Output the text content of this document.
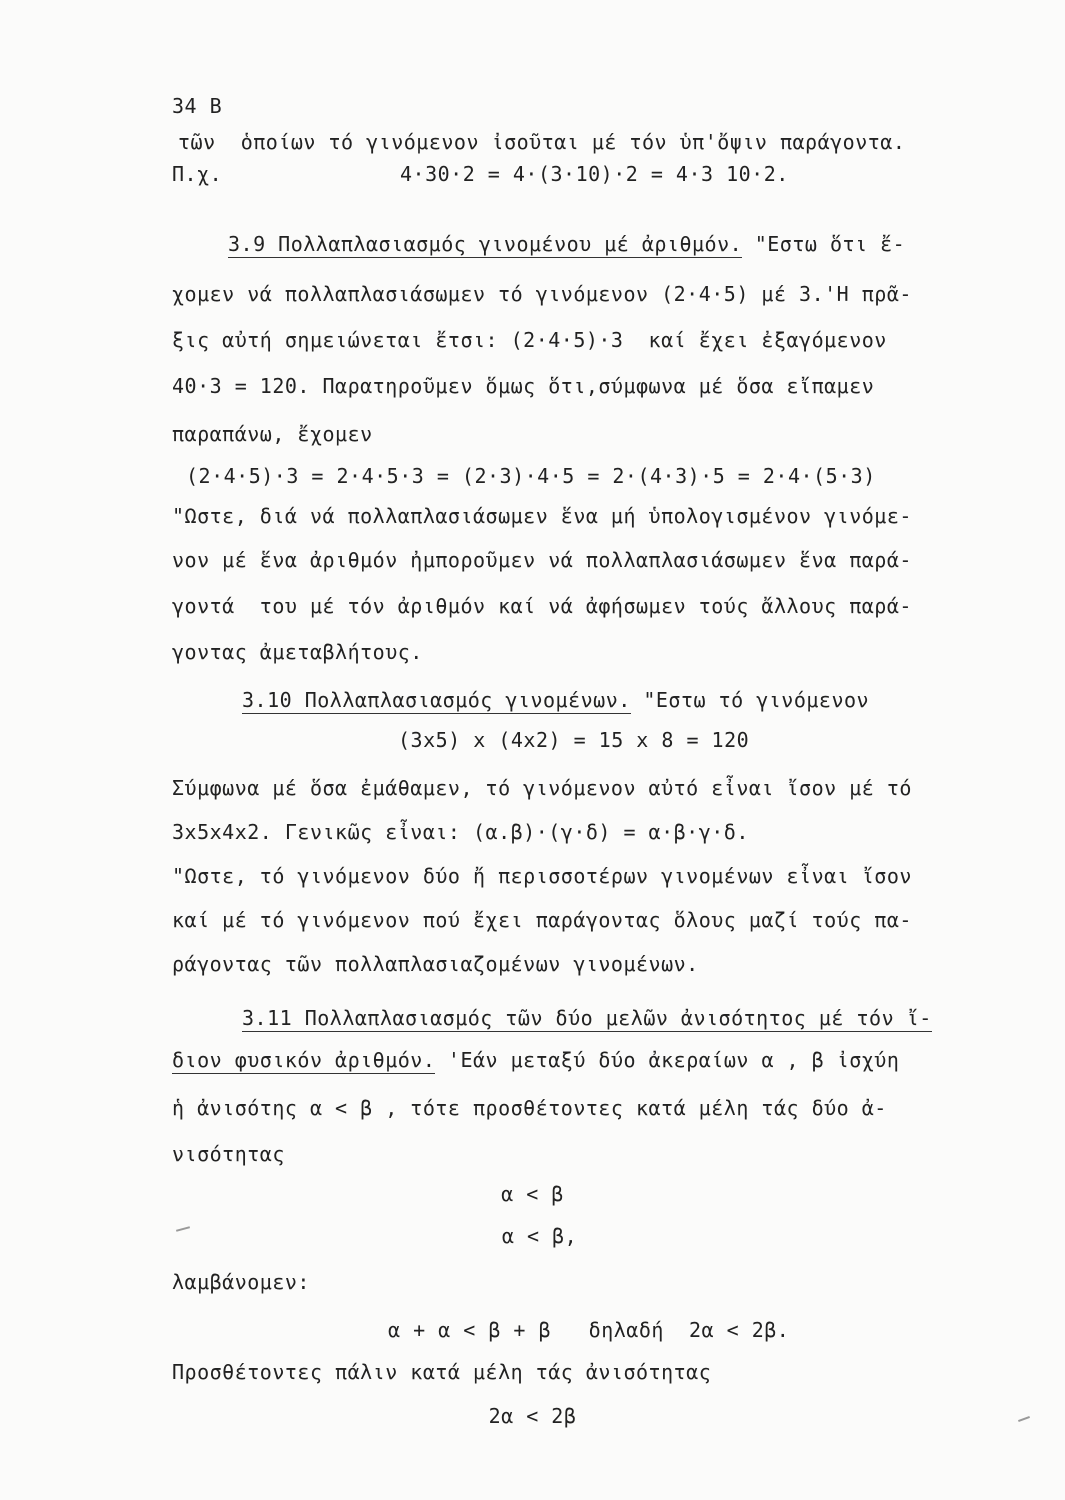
34 B
τῶν  ὁποίων τό γινόμενον ἰσοῦται μέ τόν ὑπ'ὄψιν παράγοντα.
Π.χ.	4·30·2 = 4·(3·10)·2 = 4·3 10·2.
3.9 Πολλαπλασιασμός γινομένου μέ ἀριθμόν. "Εστω ὅτι ἔ-
χομεν νά πολλαπλασιάσωμεν τό γινόμενον (2·4·5) μέ 3.'Η πρᾶ-
ξις αὐτή σημειώνεται ἔτσι: (2·4·5)·3  καί ἔχει ἐξαγόμενον
40·3 = 120. Παρατηροῦμεν ὅμως ὅτι,σύμφωνα μέ ὅσα εἴπαμεν
παραπάνω, ἔχομεν
(2·4·5)·3 = 2·4·5·3 = (2·3)·4·5 = 2·(4·3)·5 = 2·4·(5·3)
"Ωστε, διά νά πολλαπλασιάσωμεν ἕνα μή ὑπολογισμένον γινόμε-
νον μέ ἕνα ἀριθμόν ἠμποροῦμεν νά πολλαπλασιάσωμεν ἕνα παρά-
γοντά  του μέ τόν ἀριθμόν καί νά ἀφήσωμεν τούς ἄλλους παρά-
γοντας ἀμεταβλήτους.
3.10 Πολλαπλασιασμός γινομένων. "Εστω τό γινόμενον
(3x5) x (4x2) = 15 x 8 = 120
Σύμφωνα μέ ὅσα ἐμάθαμεν, τό γινόμενον αὐτό εἶναι ἴσον μέ τό
3x5x4x2. Γενικῶς εἶναι: (α.β)·(γ·δ) = α·β·γ·δ.
"Ωστε, τό γινόμενον δύο ἤ περισσοτέρων γινομένων εἶναι ἴσον
καί μέ τό γινόμενον πού ἔχει παράγοντας ὅλους μαζί τούς πα-
ράγοντας τῶν πολλαπλασιαζομένων γινομένων.
3.11 Πολλαπλασιασμός τῶν δύο μελῶν ἀνισότητος μέ τόν ἴ-
διον φυσικόν ἀριθμόν. 'Εάν μεταξύ δύο ἀκεραίων α , β ἰσχύη
ἡ ἀνισότης α < β , τότε προσθέτοντες κατά μέλη τάς δύο ἀ-
νισότητας
α < β
α < β,
λαμβάνομεν:
α + α < β + β   δηλαδή  2α < 2β.
Προσθέτοντες πάλιν κατά μέλη τάς ἀνισότητας
2α < 2β
